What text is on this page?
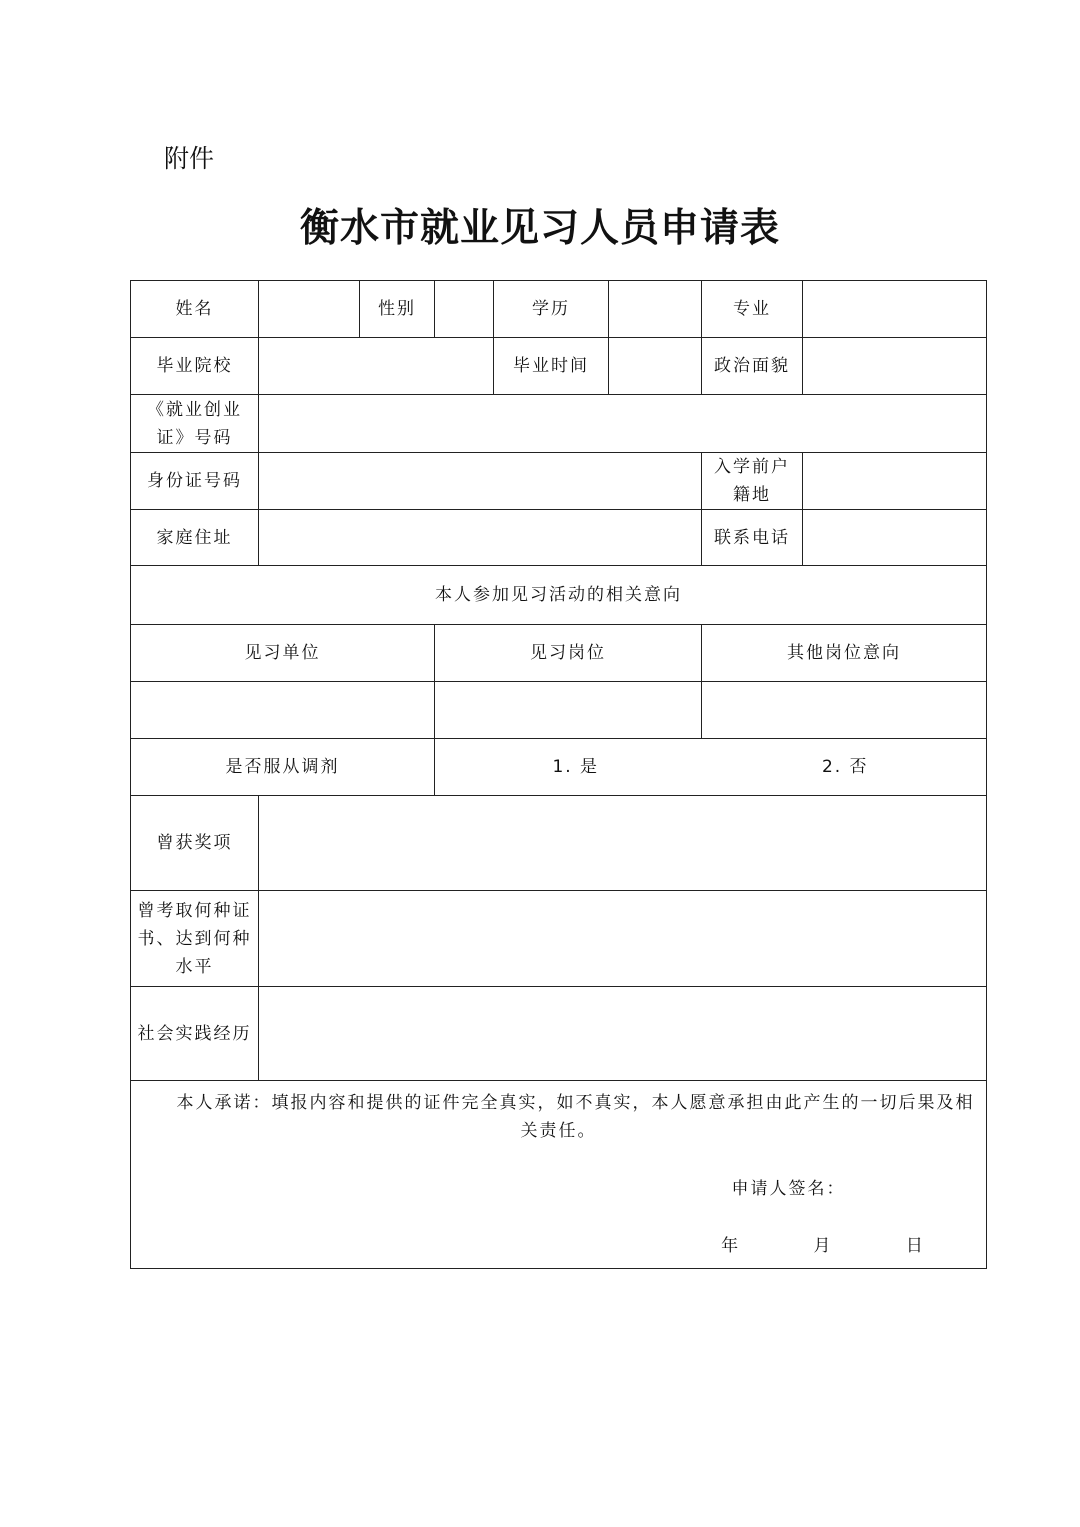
附件

衡水市就业见习人员申请表
姓名		性别		学历		专业	
毕业院校				毕业时间		政治面貌	
《就业创业证》号码							
身份证号码						入学前户籍地	
家庭住址						联系电话	
本人参加见习活动的相关意向							
见习单位			见习岗位			其他岗位意向	

是否服从调剂			1. 是 2. 否				

曾获奖项							
曾考取何种证书、达到何种水平							
社会实践经历							

本人承诺：填报内容和提供的证件完全真实，如不真实，本人愿意承担由此产生的一切后果及相关责任。

申请人签名：
年 月 日							
